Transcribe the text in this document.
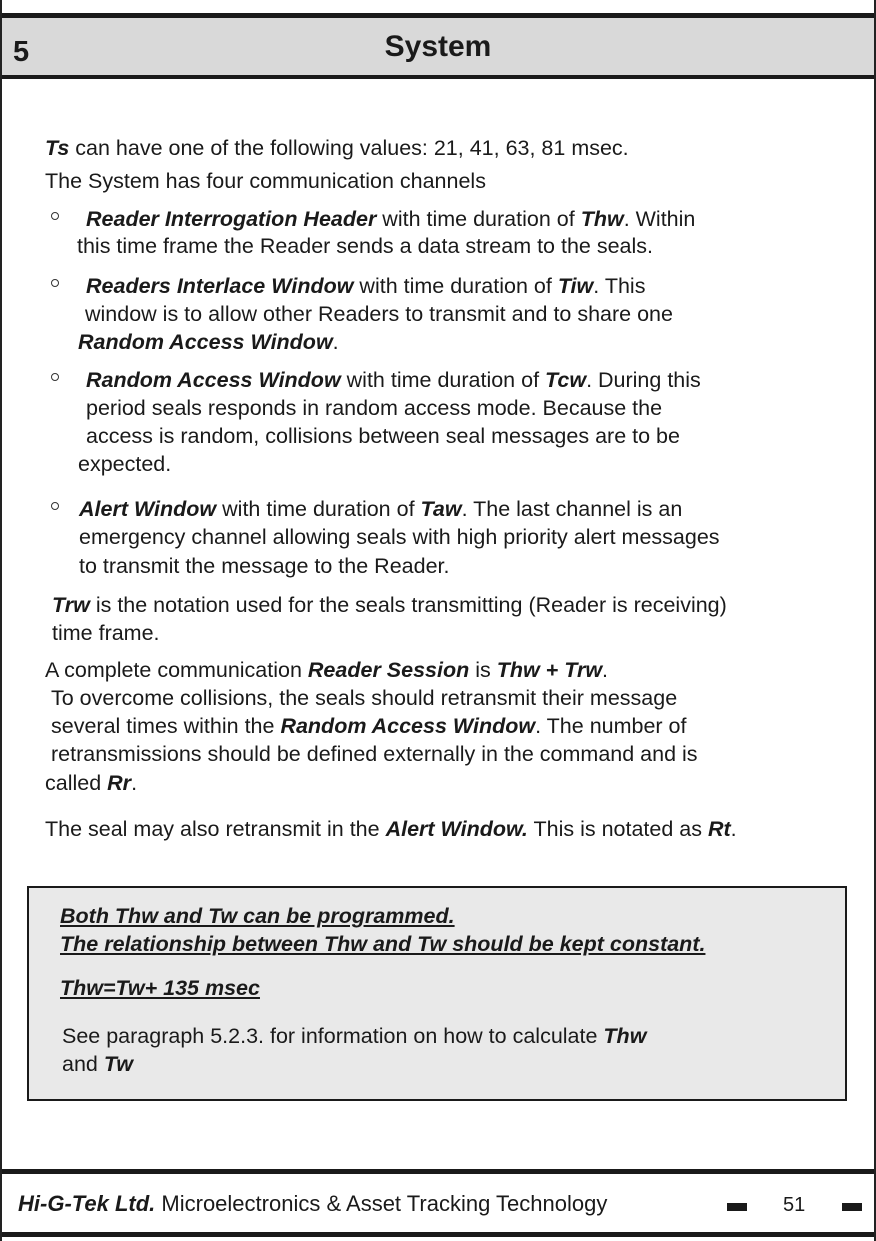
5	System
Ts can have one of the following values: 21, 41, 63, 81 msec.
The System has four communication channels
Reader Interrogation Header with time duration of Thw. Within
this time frame the Reader sends a data stream to the seals.
Readers Interlace Window with time duration of Tiw. This
window is to allow other Readers to transmit and to share one
Random Access Window.
Random Access Window with time duration of Tcw. During this
period seals responds in random access mode. Because the
access is random, collisions between seal messages are to be
expected.
Alert Window with time duration of Taw. The last channel is an
emergency channel allowing seals with high priority alert messages
to transmit the message to the Reader.
Trw is the notation used for the seals transmitting (Reader is receiving)
time frame.
A complete communication Reader Session is Thw + Trw.
To overcome collisions, the seals should retransmit their message
several times within the Random Access Window. The number of
retransmissions should be defined externally in the command and is
called Rr.
The seal may also retransmit in the Alert Window. This is notated as Rt.
Both Thw and Tw can be programmed.
The relationship between Thw and Tw should be kept constant.
Thw=Tw+ 135 msec
See paragraph 5.2.3. for information on how to calculate Thw
and Tw
Hi-G-Tek Ltd. Microelectronics & Asset Tracking Technology	51
